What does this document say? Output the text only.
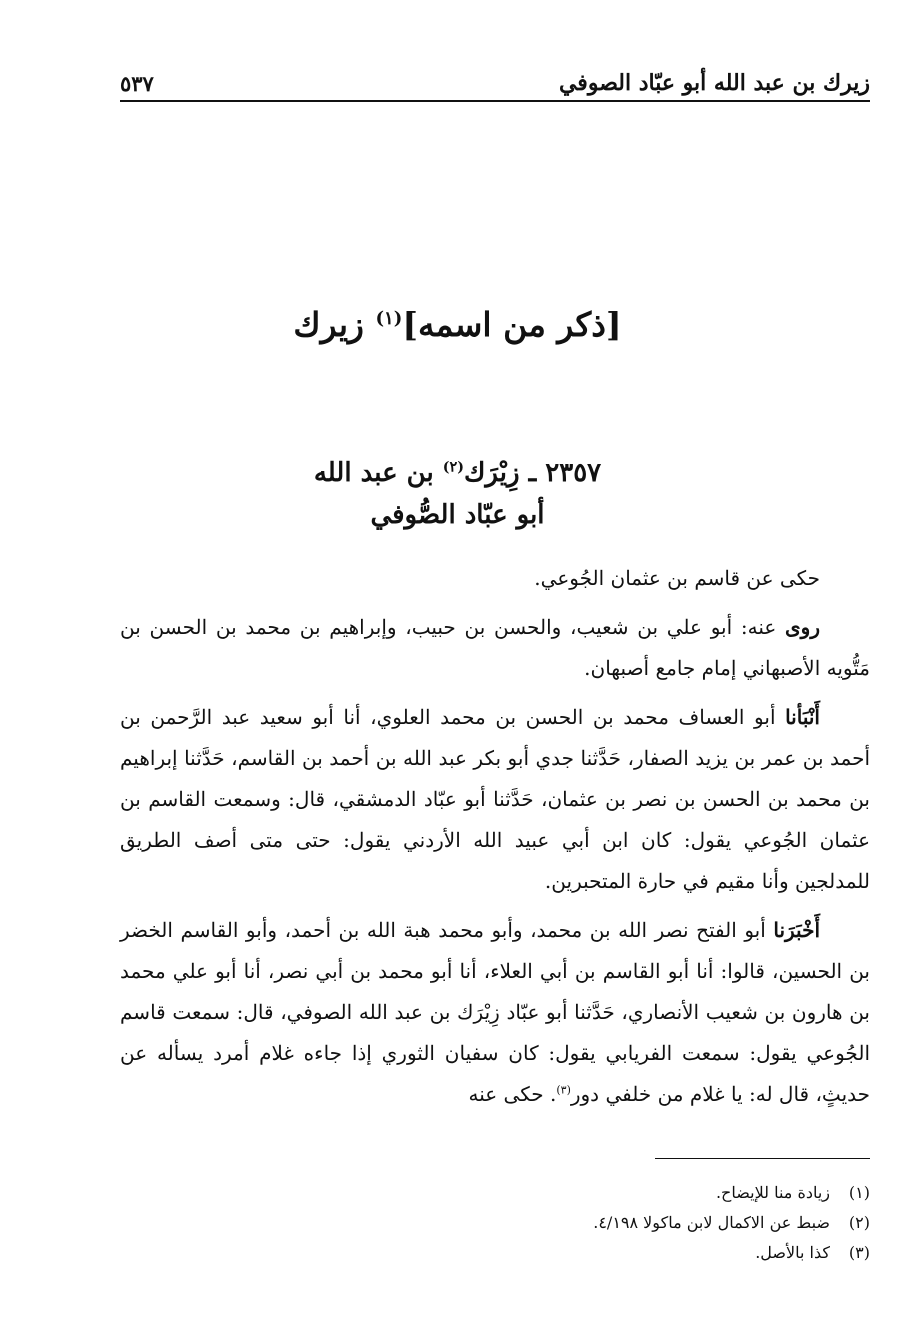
زيرك بن عبد الله أبو عبّاد الصوفي
٥٣٧
[ذكر من اسمه]$^{(١)}$ زيرك
٢٣٥٧ ـ زِيْرَك$^{(٢)}$ بن عبد الله
أبو عبّاد الصُّوفي

حكى عن قاسم بن عثمان الجُوعي.

روى عنه: أبو علي بن شعيب، والحسن بن حبيب، وإبراهيم بن محمد بن الحسن بن مَتُّويه الأصبهاني إمام جامع أصبهان.

أَنْبَأنا أبو العساف محمد بن الحسن بن محمد العلوي، أنا أبو سعيد عبد الرَّحمن بن أحمد بن عمر بن يزيد الصفار، حَدَّثنا جدي أبو بكر عبد الله بن أحمد بن القاسم، حَدَّثنا إبراهيم بن محمد بن الحسن بن نصر بن عثمان، حَدَّثنا أبو عبّاد الدمشقي، قال: وسمعت القاسم بن عثمان الجُوعي يقول: كان ابن أبي عبيد الله الأردني يقول: حتى متى أصف الطريق للمدلجين وأنا مقيم في حارة المتحبرين.

أَخْبَرَنا أبو الفتح نصر الله بن محمد، وأبو محمد هبة الله بن أحمد، وأبو القاسم الخضر بن الحسين، قالوا: أنا أبو القاسم بن أبي العلاء، أنا أبو محمد بن أبي نصر، أنا أبو علي محمد بن هارون بن شعيب الأنصاري، حَدَّثنا أبو عبّاد زِيْرَك بن عبد الله الصوفي، قال: سمعت قاسم الجُوعي يقول: سمعت الفريابي يقول: كان سفيان الثوري إذا جاءه غلام أمرد يسأله عن حديثٍ، قال له: يا غلام من خلفي دور$^{(٣)}$. حكى عنه

(١)
زيادة منا للإيضاح.
(٢)
ضبط عن الاكمال لابن ماكولا ٤/١٩٨.
(٣)
كذا بالأصل.
